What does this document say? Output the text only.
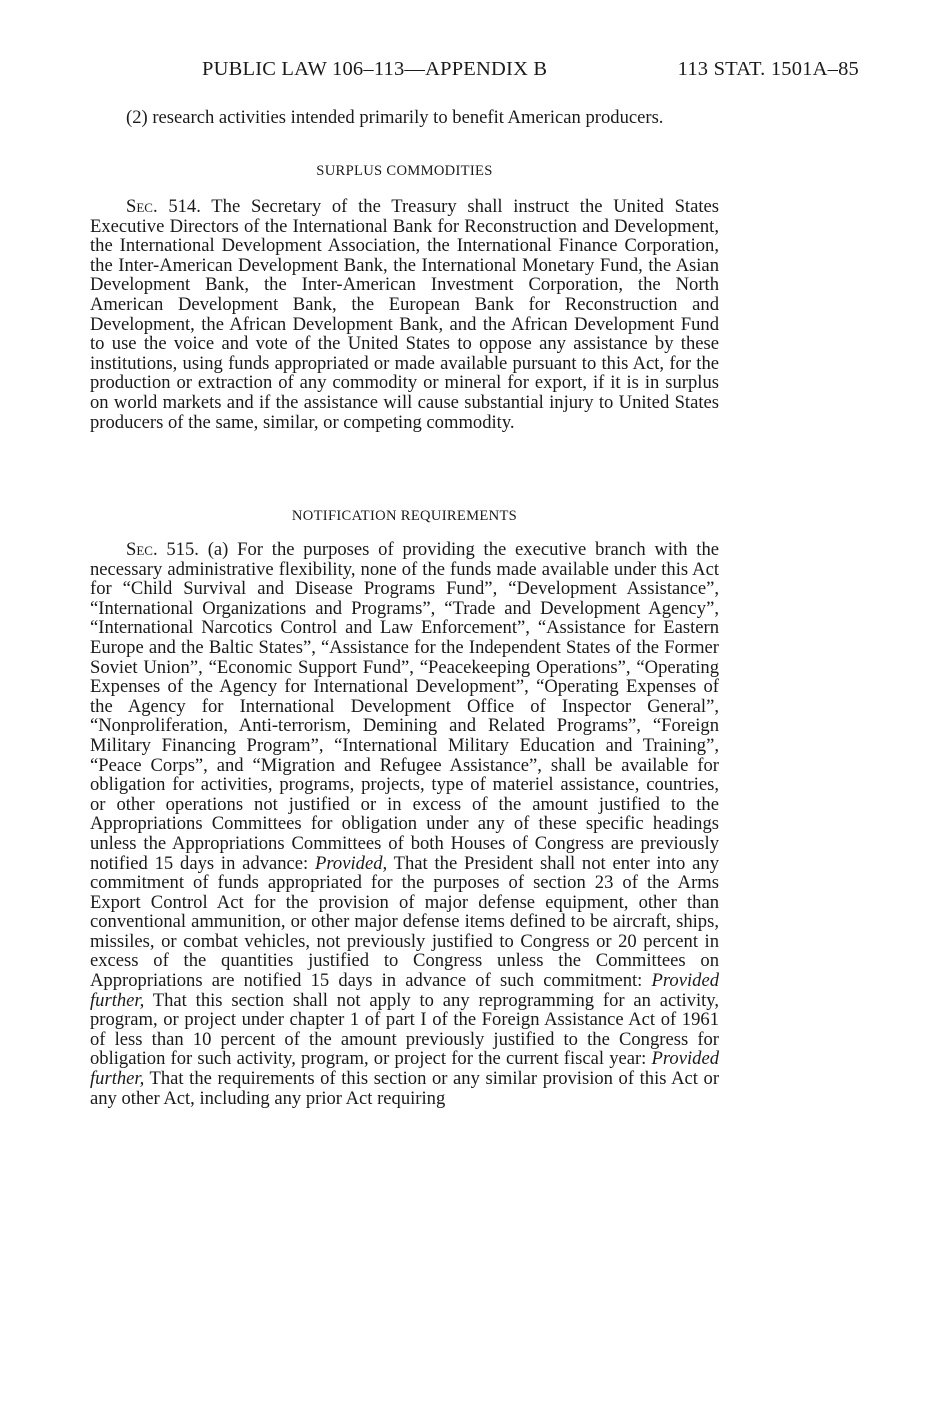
PUBLIC LAW 106–113—APPENDIX B	113 STAT. 1501A–85

(2) research activities intended primarily to benefit American producers.

SURPLUS COMMODITIES

Sec. 514. The Secretary of the Treasury shall instruct the United States Executive Directors of the International Bank for Reconstruction and Development, the International Development Association, the International Finance Corporation, the Inter-American Development Bank, the International Monetary Fund, the Asian Development Bank, the Inter-American Investment Corporation, the North American Development Bank, the European Bank for Reconstruction and Development, the African Development Bank, and the African Development Fund to use the voice and vote of the United States to oppose any assistance by these institutions, using funds appropriated or made available pursuant to this Act, for the production or extraction of any commodity or mineral for export, if it is in surplus on world markets and if the assistance will cause substantial injury to United States producers of the same, similar, or competing commodity.

NOTIFICATION REQUIREMENTS

Sec. 515. (a) For the purposes of providing the executive branch with the necessary administrative flexibility, none of the funds made available under this Act for “Child Survival and Disease Programs Fund”, “Development Assistance”, “International Organizations and Programs”, “Trade and Development Agency”, “International Narcotics Control and Law Enforcement”, “Assistance for Eastern Europe and the Baltic States”, “Assistance for the Independent States of the Former Soviet Union”, “Economic Support Fund”, “Peacekeeping Operations”, “Operating Expenses of the Agency for International Development”, “Operating Expenses of the Agency for International Development Office of Inspector General”, “Nonproliferation, Anti-terrorism, Demining and Related Programs”, “Foreign Military Financing Program”, “International Military Education and Training”, “Peace Corps”, and “Migration and Refugee Assistance”, shall be available for obligation for activities, programs, projects, type of materiel assistance, countries, or other operations not justified or in excess of the amount justified to the Appropriations Committees for obligation under any of these specific headings unless the Appropriations Committees of both Houses of Congress are previously notified 15 days in advance: Provided, That the President shall not enter into any commitment of funds appropriated for the purposes of section 23 of the Arms Export Control Act for the provision of major defense equipment, other than conventional ammunition, or other major defense items defined to be aircraft, ships, missiles, or combat vehicles, not previously justified to Congress or 20 percent in excess of the quantities justified to Congress unless the Committees on Appropriations are notified 15 days in advance of such commitment: Provided further, That this section shall not apply to any reprogramming for an activity, program, or project under chapter 1 of part I of the Foreign Assistance Act of 1961 of less than 10 percent of the amount previously justified to the Congress for obligation for such activity, program, or project for the current fiscal year: Provided further, That the requirements of this section or any similar provision of this Act or any other Act, including any prior Act requiring
